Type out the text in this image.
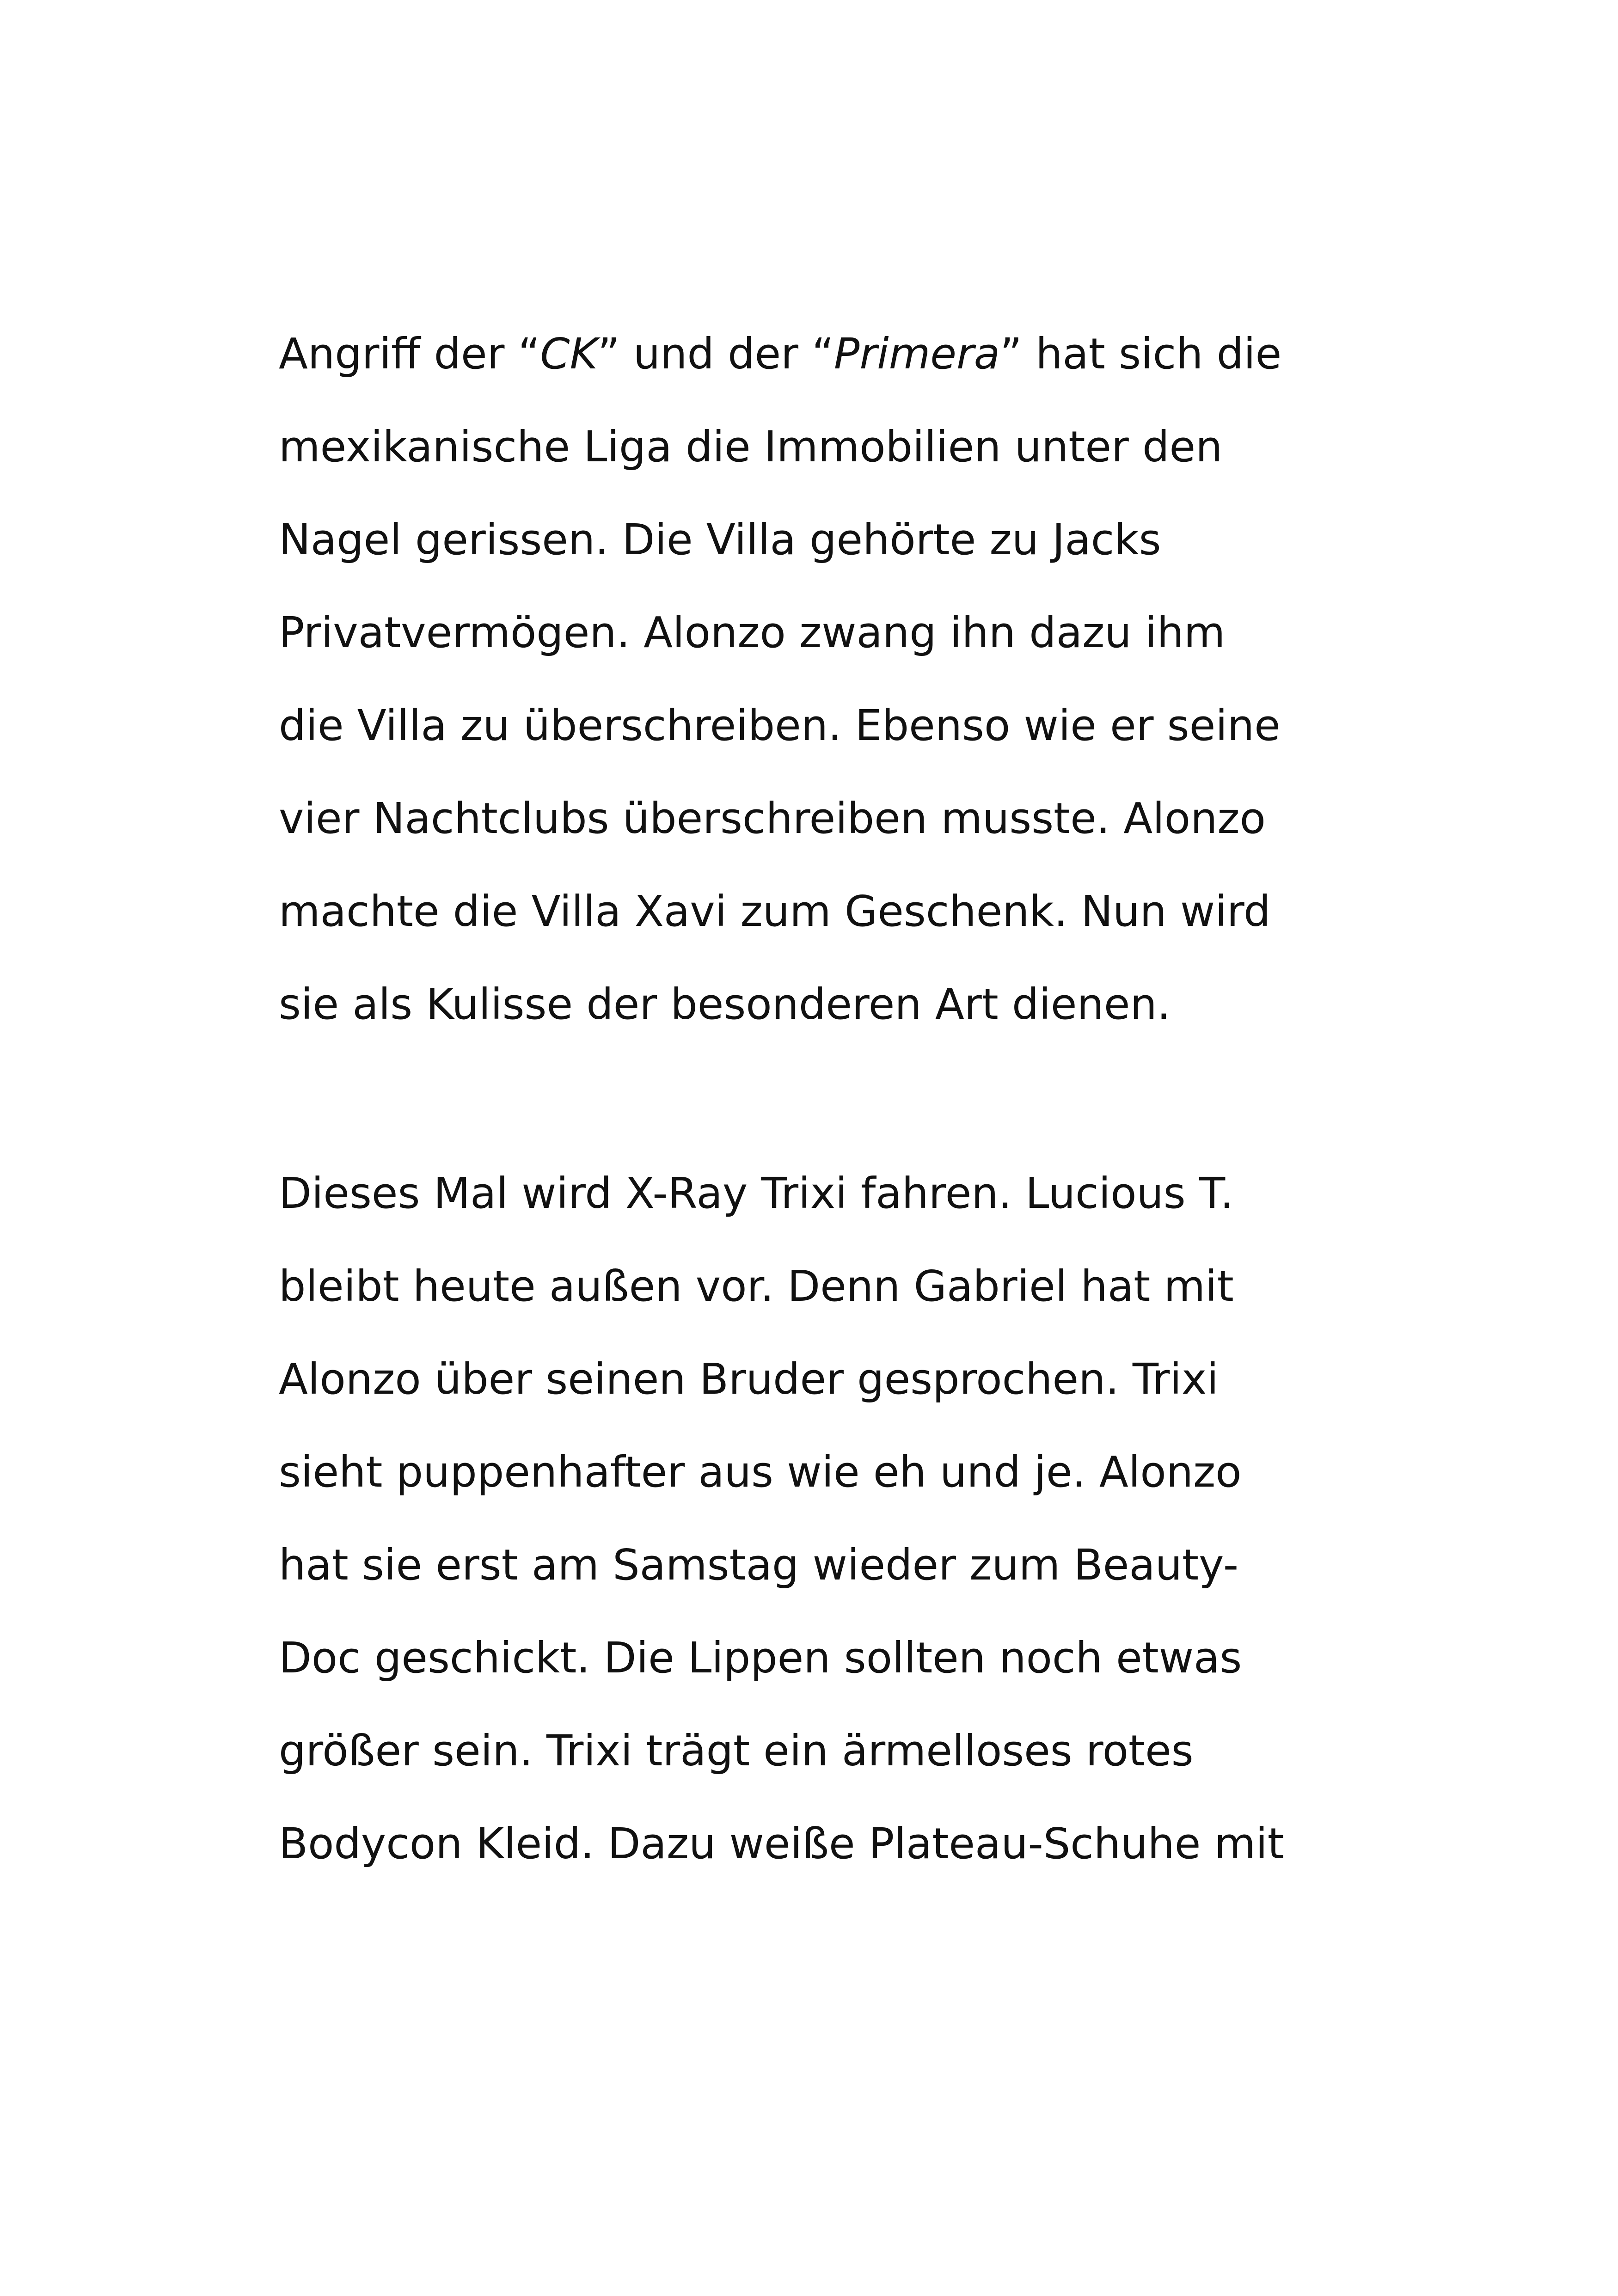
Angriff der “CK” und der “Primera” hat sich die
mexikanische Liga die Immobilien unter den
Nagel gerissen. Die Villa gehörte zu Jacks
Privatvermögen. Alonzo zwang ihn dazu ihm
die Villa zu überschreiben. Ebenso wie er seine
vier Nachtclubs überschreiben musste. Alonzo
machte die Villa Xavi zum Geschenk. Nun wird
sie als Kulisse der besonderen Art dienen.
Dieses Mal wird X-Ray Trixi fahren. Lucious T.
bleibt heute außen vor. Denn Gabriel hat mit
Alonzo über seinen Bruder gesprochen. Trixi
sieht puppenhafter aus wie eh und je. Alonzo
hat sie erst am Samstag wieder zum Beauty-
Doc geschickt. Die Lippen sollten noch etwas
größer sein. Trixi trägt ein ärmelloses rotes
Bodycon Kleid. Dazu weiße Plateau-Schuhe mit
